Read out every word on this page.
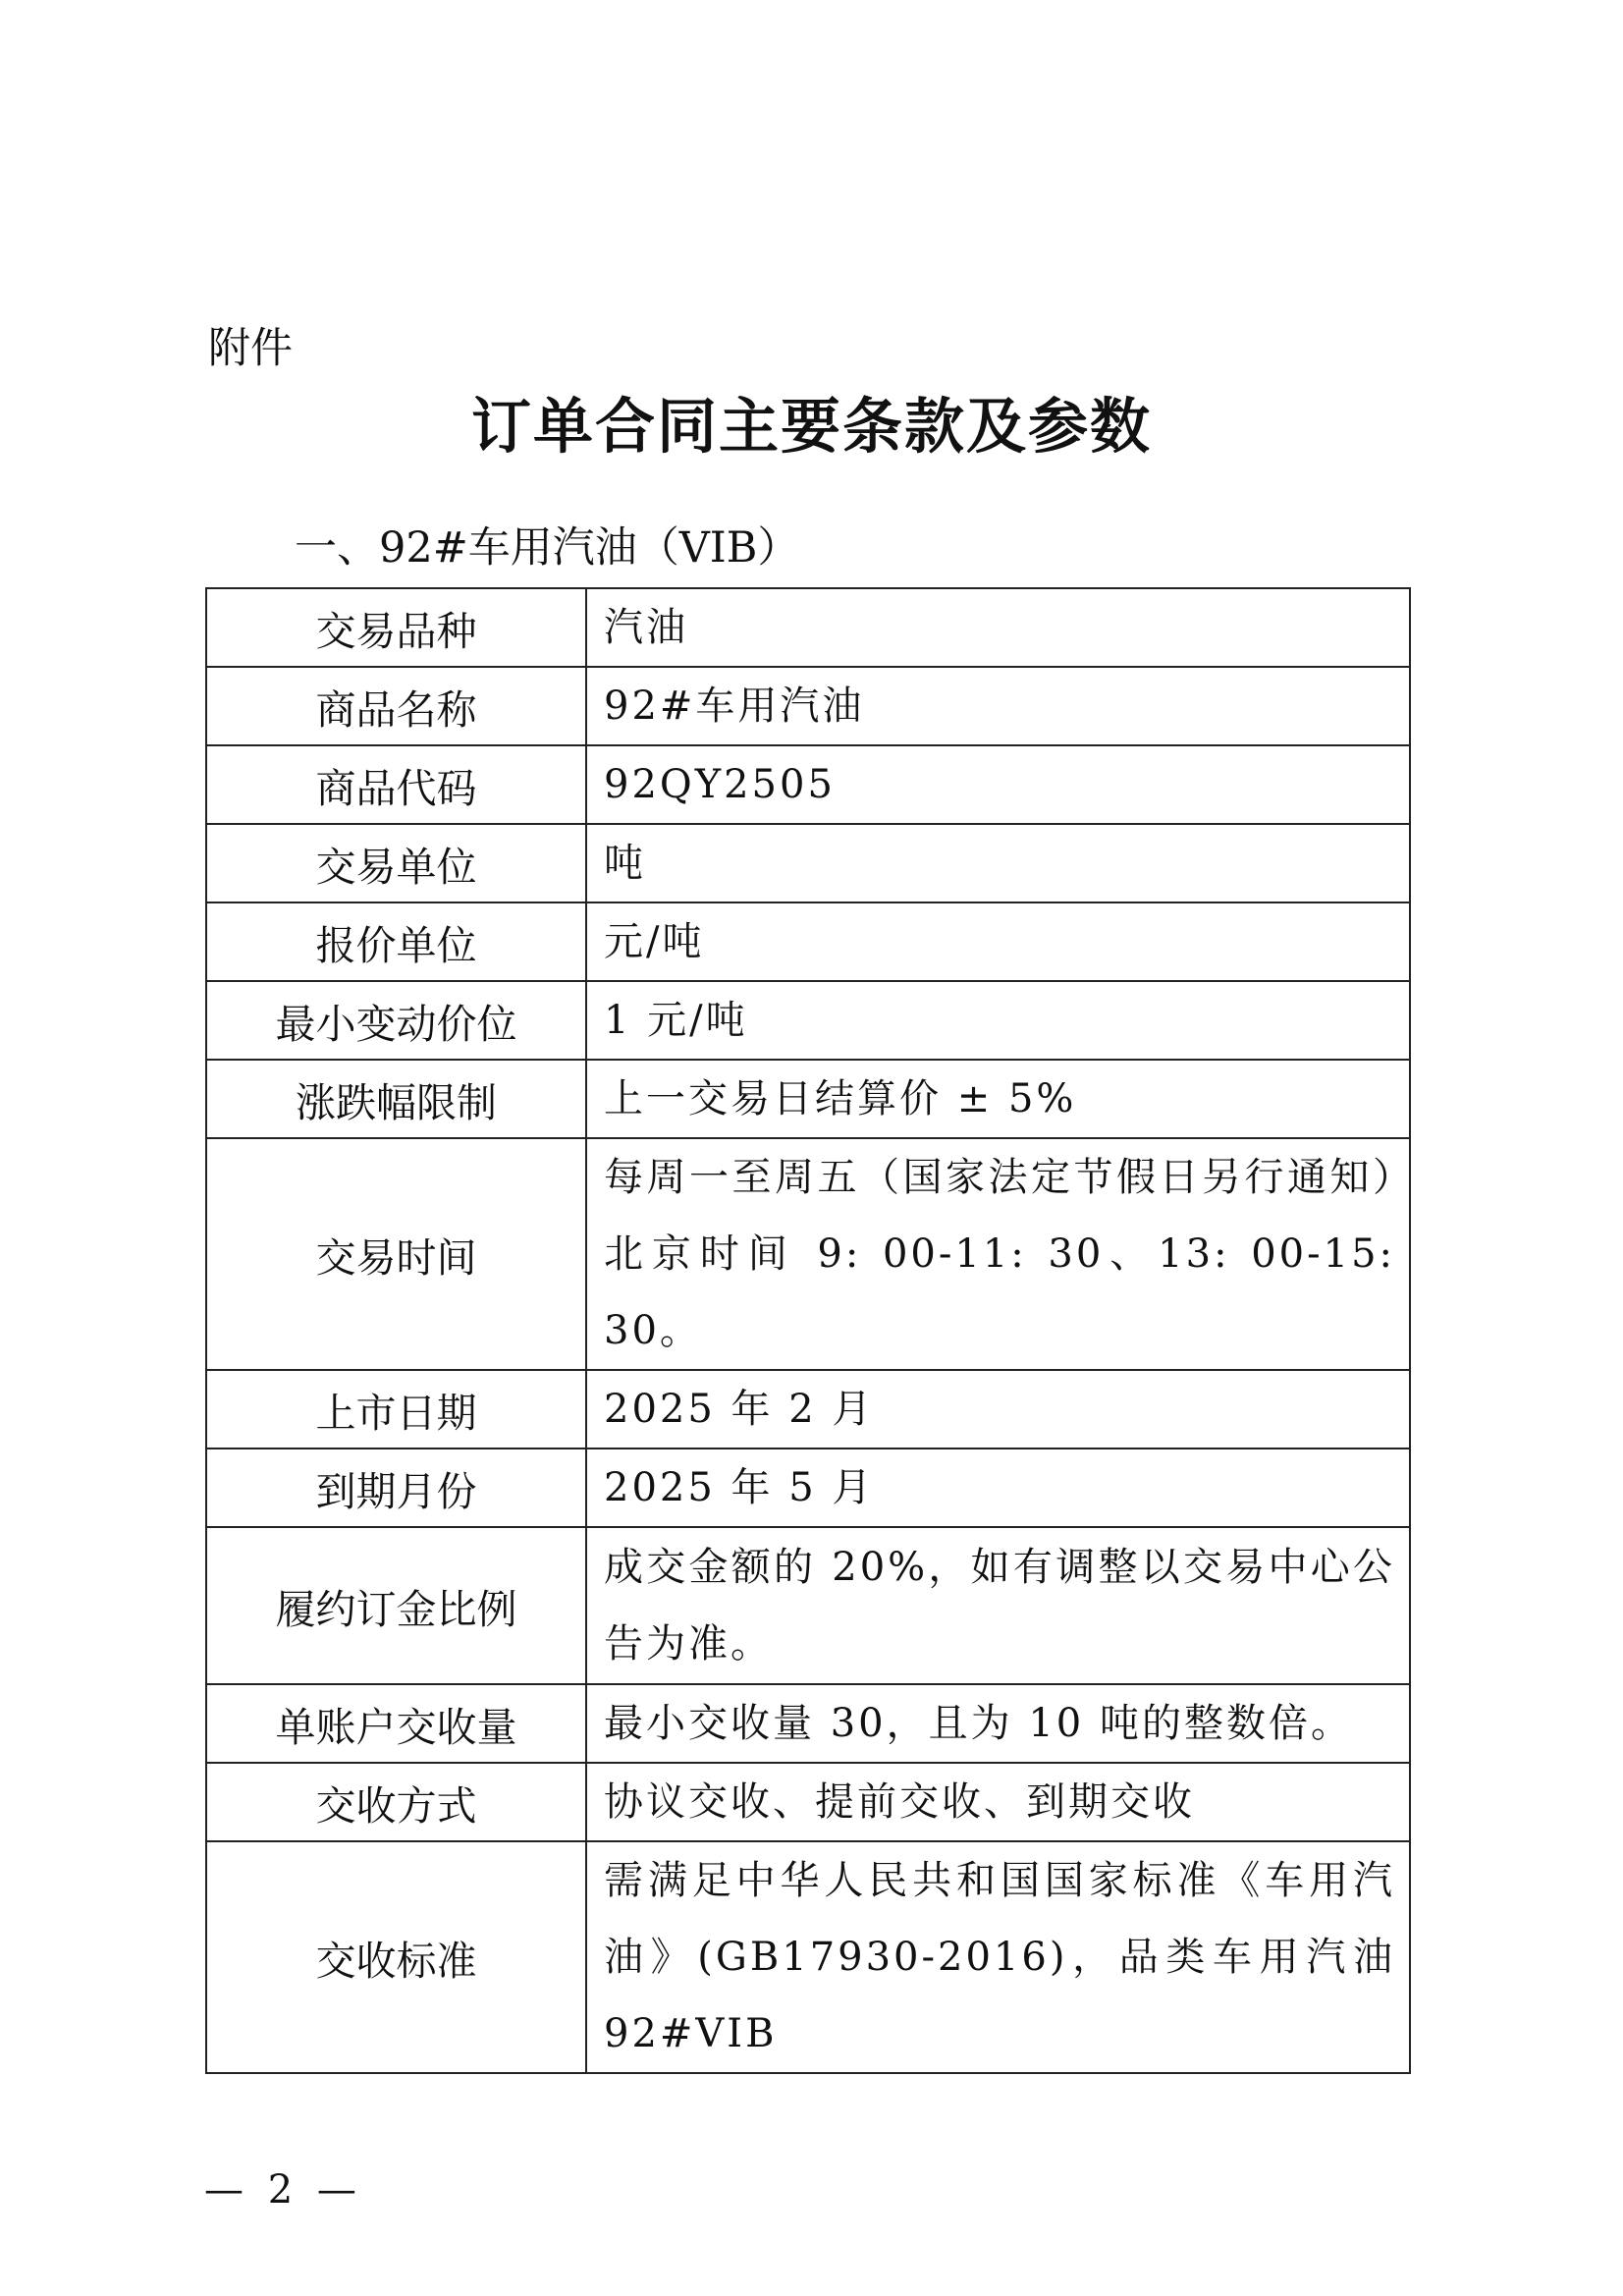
附件
订单合同主要条款及参数
一、92#车用汽油（VIB）
交易品种	汽油
商品名称	92#车用汽油
商品代码	92QY2505
交易单位	吨
报价单位	元/吨
最小变动价位	1 元/吨
涨跌幅限制	上一交易日结算价 ± 5%
交易时间	每周一至周五（国家法定节假日另行通知）北京时间 9: 00-11: 30、13: 00-15: 30。
上市日期	2025 年 2 月
到期月份	2025 年 5 月
履约订金比例	成交金额的 20%，如有调整以交易中心公告为准。
单账户交收量	最小交收量 30，且为 10 吨的整数倍。
交收方式	协议交收、提前交收、到期交收
交收标准	需满足中华人民共和国国家标准《车用汽油》(GB17930-2016)，品类车用汽油 92#VIB
— 2 —
